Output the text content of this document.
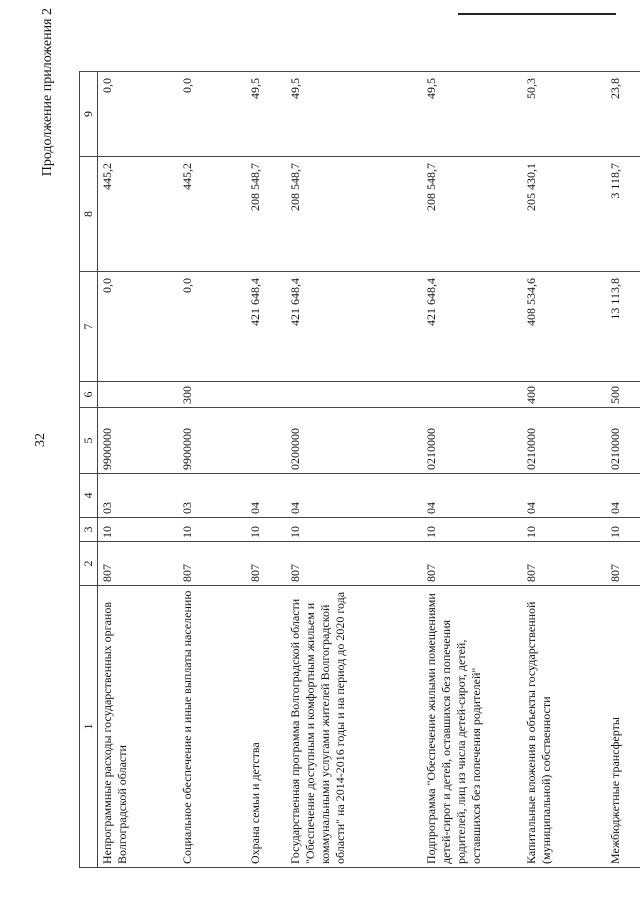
32
Продолжение приложения 2
1	2	3	4	5	6	7	8	9
Непрограммные расходы государственных органов Волгоградской области	807	10	03	9900000		0,0	445,2	0,0
Социальное обеспечение и иные выплаты населению	807	10	03	9900000	300	0,0	445,2	0,0
Охрана семьи и детства	807	10	04			421 648,4	208 548,7	49,5
Государственная программа Волгоградской области "Обеспечение доступным и комфортным жильем и коммунальными услугами жителей Волгоградской области" на 2014-2016 годы и на период до 2020 года	807	10	04	0200000		421 648,4	208 548,7	49,5
Подпрограмма "Обеспечение жилыми помещениями детей-сирот и детей, оставшихся без попечения родителей, лиц из числа детей-сирот, детей, оставшихся без попечения родителей"	807	10	04	0210000		421 648,4	208 548,7	49,5
Капитальные вложения в объекты государственной (муниципальной) собственности	807	10	04	0210000	400	408 534,6	205 430,1	50,3
Межбюджетные трансферты	807	10	04	0210000	500	13 113,8	3 118,7	23,8
